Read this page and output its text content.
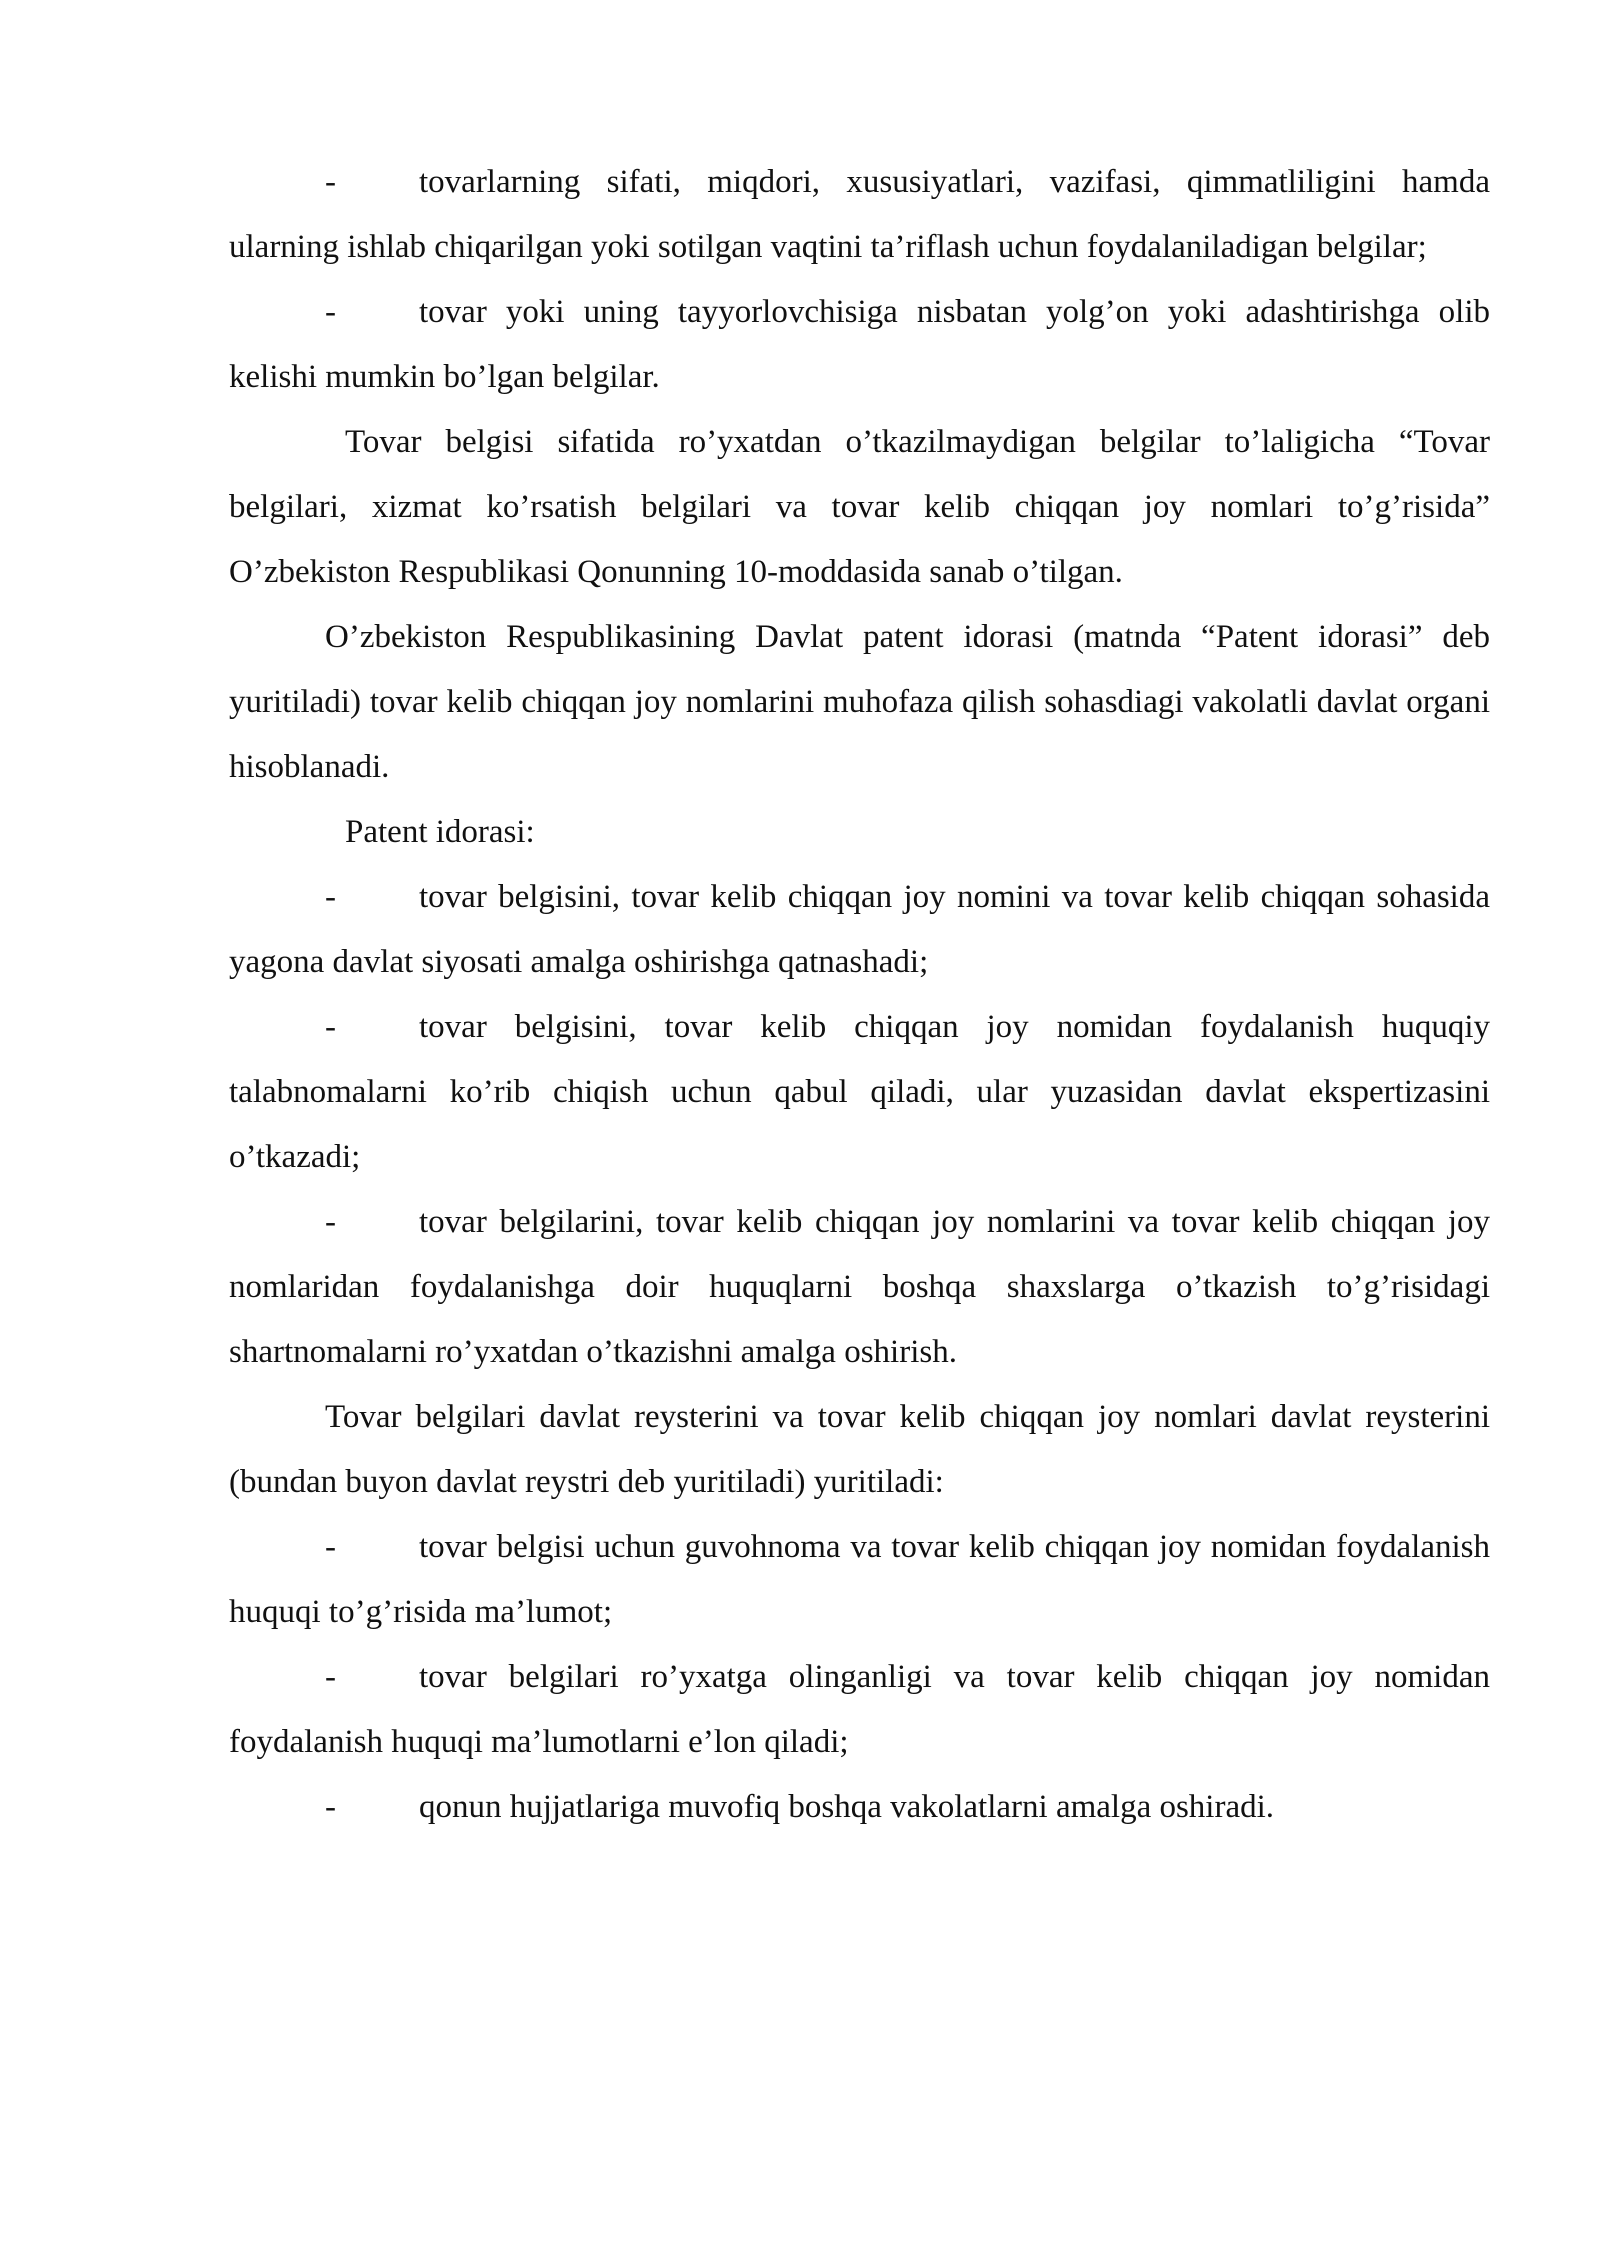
-	tovarlarning sifati, miqdori, xususiyatlari, vazifasi, qimmatliligini hamda ularning ishlab chiqarilgan yoki sotilgan vaqtini ta’riflash uchun foydalaniladigan belgilar;

-	tovar yoki uning tayyorlovchisiga nisbatan yolg’on yoki adashtirishga olib kelishi mumkin bo’lgan belgilar.

Tovar belgisi sifatida ro’yxatdan o’tkazilmaydigan belgilar to’laligicha “Tovar belgilari, xizmat ko’rsatish belgilari va tovar kelib chiqqan joy nomlari to’g’risida” O’zbekiston Respublikasi Qonunning 10-moddasida sanab o’tilgan.

O’zbekiston Respublikasining Davlat patent idorasi (matnda “Patent idorasi” deb yuritiladi) tovar kelib chiqqan joy nomlarini muhofaza qilish sohasdiagi vakolatli davlat organi hisoblanadi.

Patent idorasi:

-	tovar belgisini, tovar kelib chiqqan joy nomini va tovar kelib chiqqan sohasida yagona davlat siyosati amalga oshirishga qatnashadi;

-	tovar belgisini, tovar kelib chiqqan joy nomidan foydalanish huquqiy talabnomalarni ko’rib chiqish uchun qabul qiladi, ular yuzasidan davlat ekspertizasini o’tkazadi;

-	tovar belgilarini, tovar kelib chiqqan joy nomlarini va tovar kelib chiqqan joy nomlaridan foydalanishga doir huquqlarni boshqa shaxslarga o’tkazish to’g’risidagi shartnomalarni ro’yxatdan o’tkazishni amalga oshirish.

Tovar belgilari davlat reysterini va tovar kelib chiqqan joy nomlari davlat reysterini (bundan buyon davlat reystri deb yuritiladi) yuritiladi:

-	tovar belgisi uchun guvohnoma va tovar kelib chiqqan joy nomidan foydalanish huquqi to’g’risida ma’lumot;

-	tovar belgilari ro’yxatga olinganligi va tovar kelib chiqqan joy nomidan foydalanish huquqi ma’lumotlarni e’lon qiladi;

-	qonun hujjatlariga muvofiq boshqa vakolatlarni amalga oshiradi.
